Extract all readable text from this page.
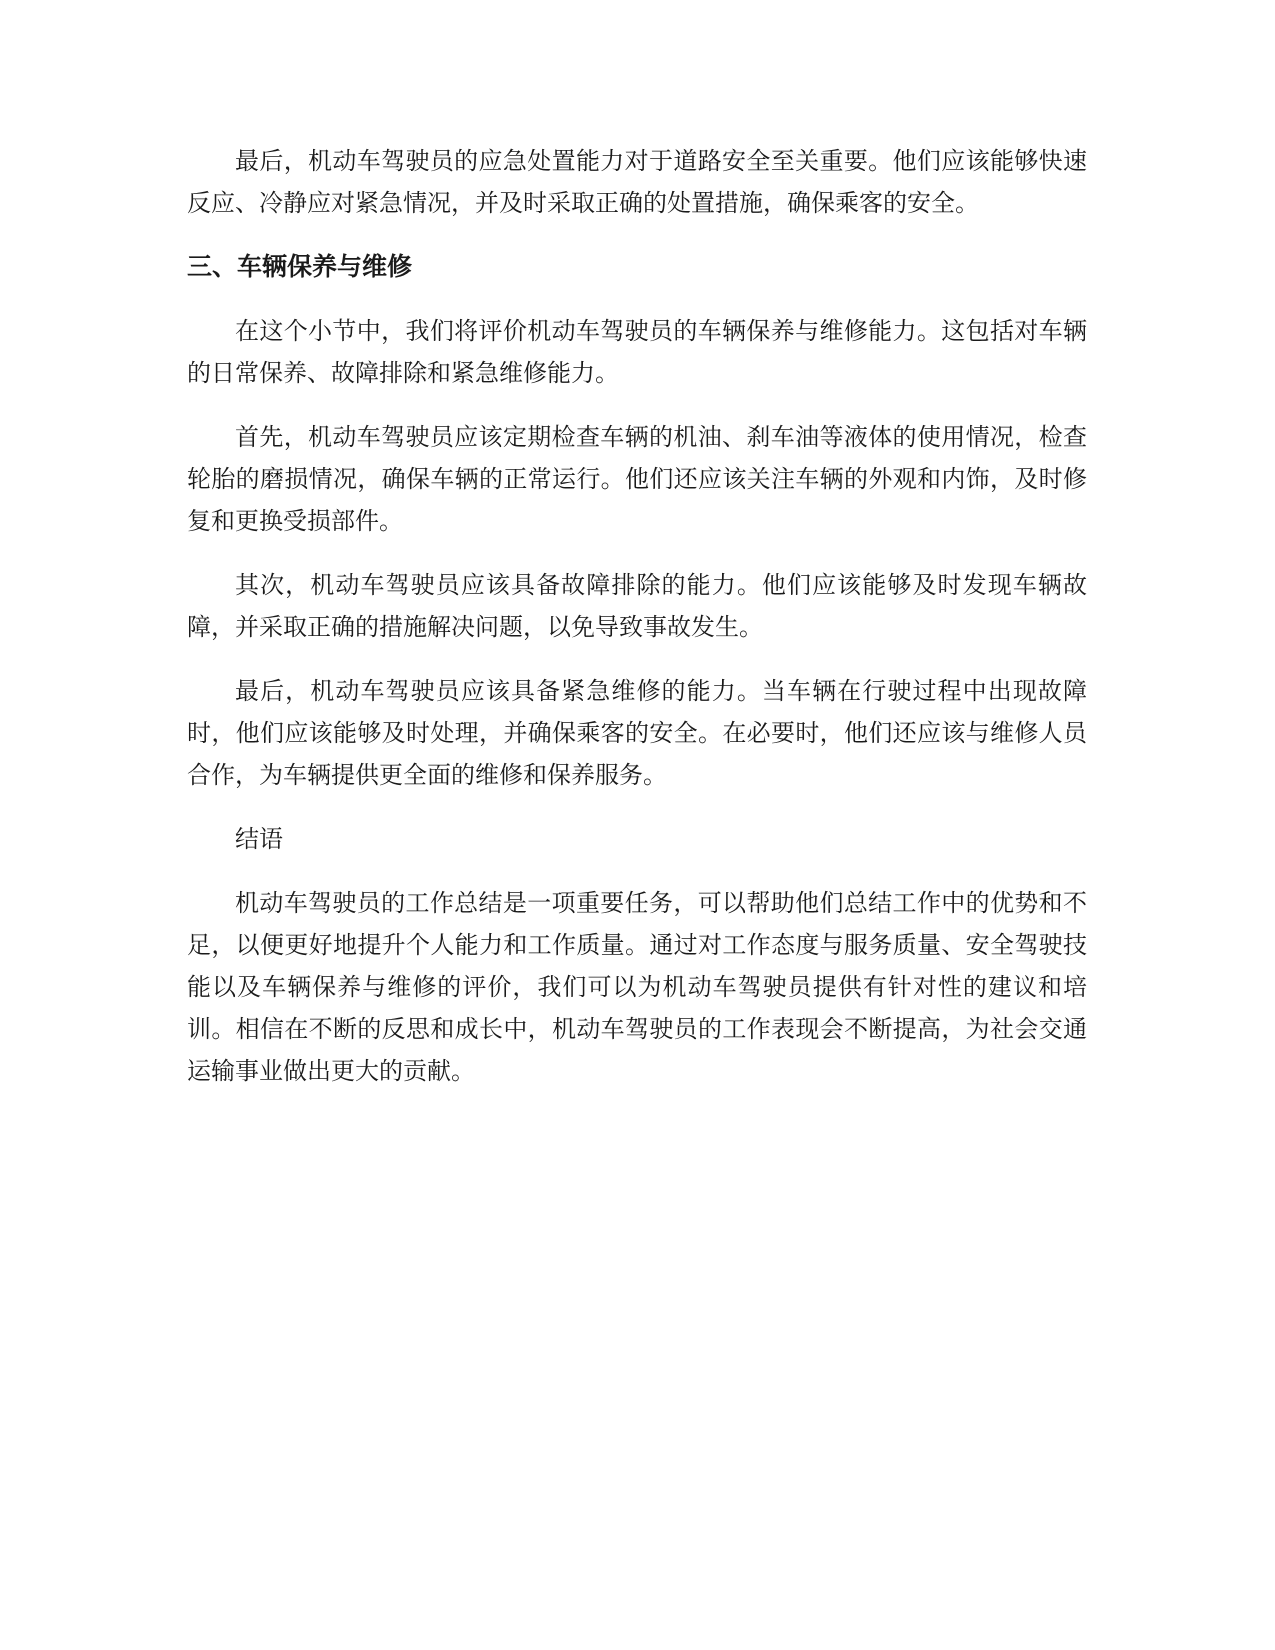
最后，机动车驾驶员的应急处置能力对于道路安全至关重要。他们应该能够快速反应、冷静应对紧急情况，并及时采取正确的处置措施，确保乘客的安全。

三、车辆保养与维修

在这个小节中，我们将评价机动车驾驶员的车辆保养与维修能力。这包括对车辆的日常保养、故障排除和紧急维修能力。

首先，机动车驾驶员应该定期检查车辆的机油、刹车油等液体的使用情况，检查轮胎的磨损情况，确保车辆的正常运行。他们还应该关注车辆的外观和内饰，及时修复和更换受损部件。

其次，机动车驾驶员应该具备故障排除的能力。他们应该能够及时发现车辆故障，并采取正确的措施解决问题，以免导致事故发生。

最后，机动车驾驶员应该具备紧急维修的能力。当车辆在行驶过程中出现故障时，他们应该能够及时处理，并确保乘客的安全。在必要时，他们还应该与维修人员合作，为车辆提供更全面的维修和保养服务。

结语

机动车驾驶员的工作总结是一项重要任务，可以帮助他们总结工作中的优势和不足，以便更好地提升个人能力和工作质量。通过对工作态度与服务质量、安全驾驶技能以及车辆保养与维修的评价，我们可以为机动车驾驶员提供有针对性的建议和培训。相信在不断的反思和成长中，机动车驾驶员的工作表现会不断提高，为社会交通运输事业做出更大的贡献。
